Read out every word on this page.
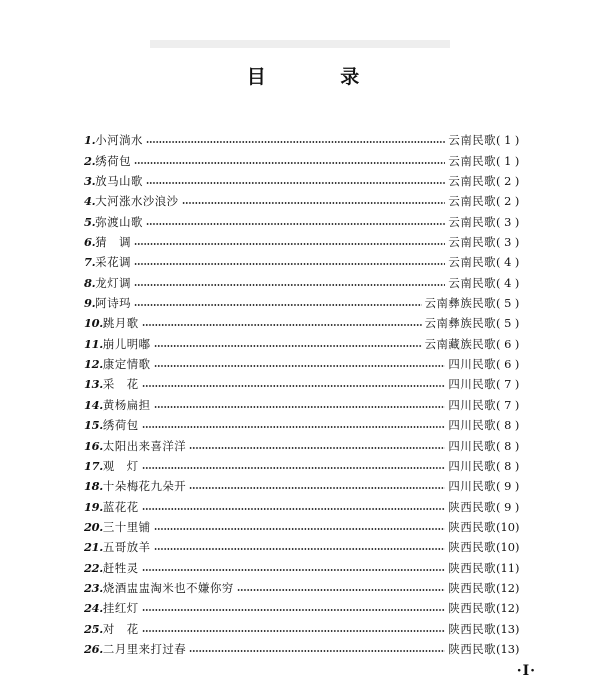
目 录
1. 小河淌水	云南民歌 ( 1 )
2. 绣荷包	云南民歌 ( 1 )
3. 放马山歌	云南民歌 ( 2 )
4. 大河涨水沙浪沙	云南民歌 ( 2 )
5. 弥渡山歌	云南民歌 ( 3 )
6. 猜　调	云南民歌 ( 3 )
7. 采花调	云南民歌 ( 4 )
8. 龙灯调	云南民歌 ( 4 )
9. 阿诗玛	云南彝族民歌 ( 5 )
10. 跳月歌	云南彝族民歌 ( 5 )
11. 崩儿明嘟	云南藏族民歌 ( 6 )
12. 康定情歌	四川民歌 ( 6 )
13. 采　花	四川民歌 ( 7 )
14. 黄杨扁担	四川民歌 ( 7 )
15. 绣荷包	四川民歌 ( 8 )
16. 太阳出来喜洋洋	四川民歌 ( 8 )
17. 观　灯	四川民歌 ( 8 )
18. 十朵梅花九朵开	四川民歌 ( 9 )
19. 蓝花花	陕西民歌 ( 9 )
20. 三十里铺	陕西民歌 (10)
21. 五哥放羊	陕西民歌 (10)
22. 赶牲灵	陕西民歌 (11)
23. 烧酒盅盅淘米也不嫌你穷	陕西民歌 (12)
24. 挂红灯	陕西民歌 (12)
25. 对　花	陕西民歌 (13)
26. 二月里来打过春	陕西民歌 (13)
·I·
